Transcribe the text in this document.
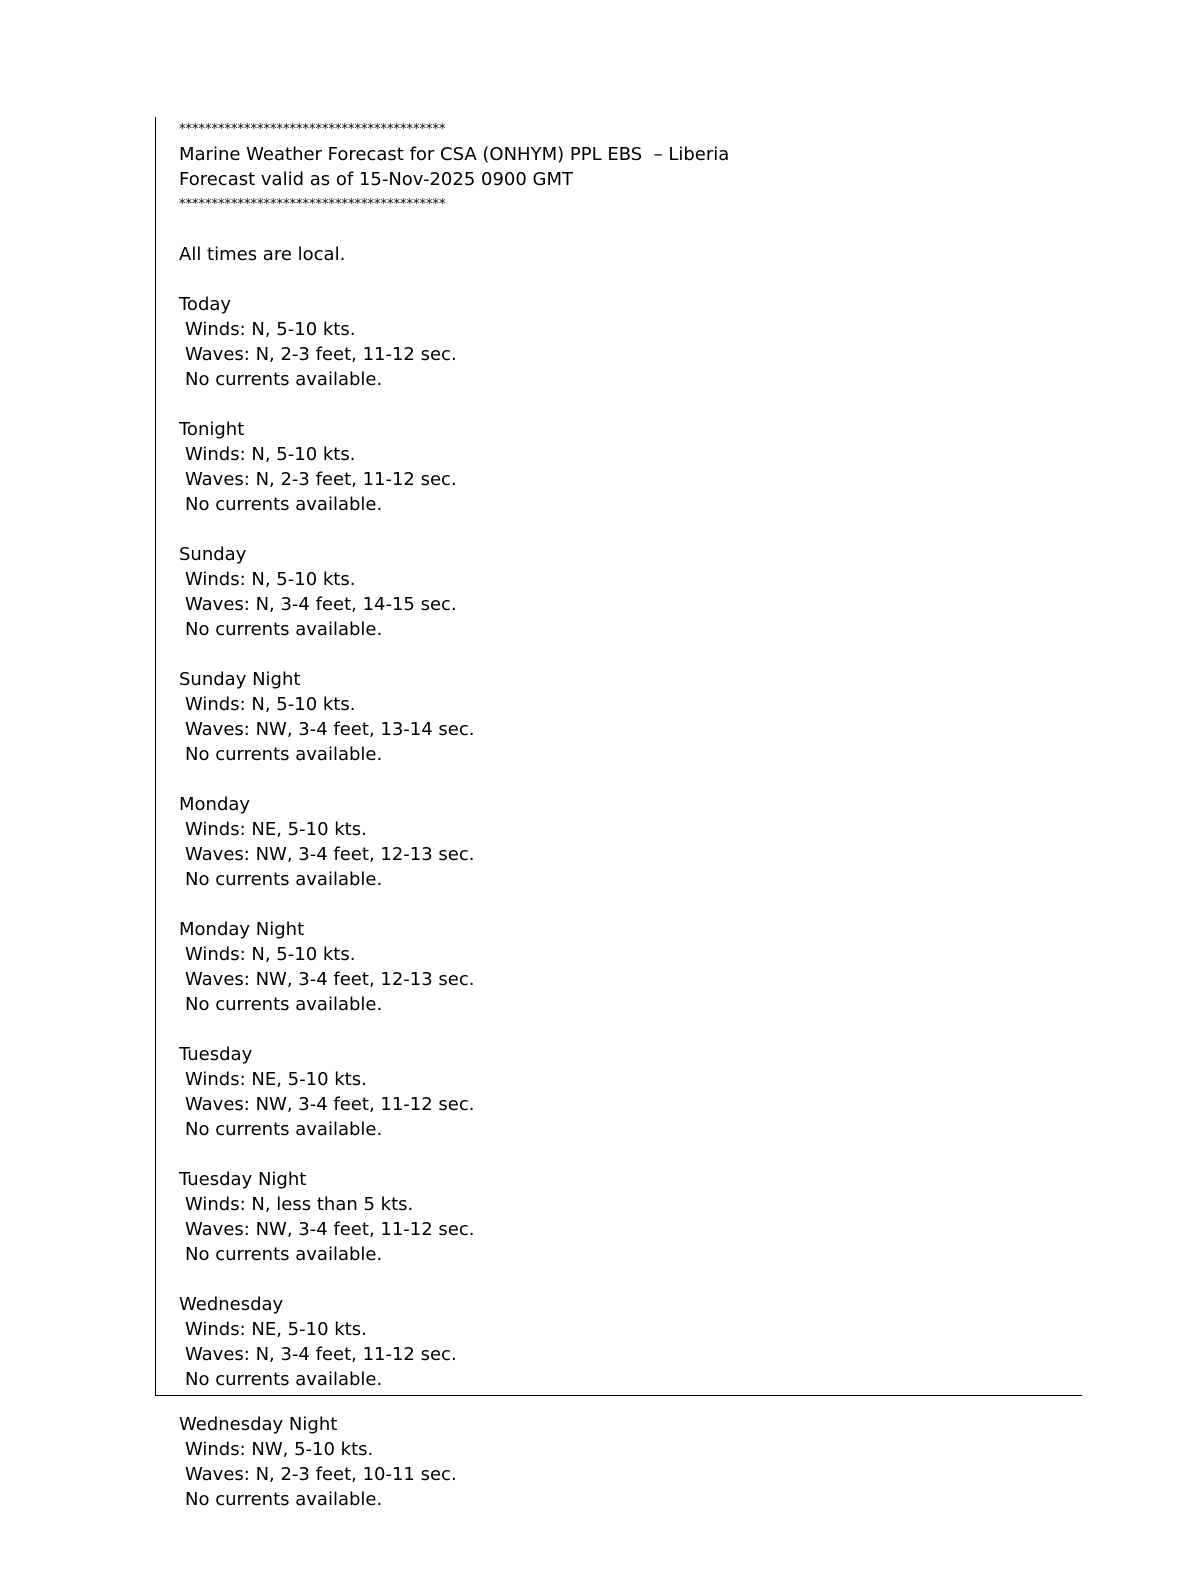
*****************************************
Marine Weather Forecast for CSA (ONHYM) PPL EBS  – Liberia
Forecast valid as of 15-Nov-2025 0900 GMT
*****************************************
All times are local.
Today
Winds: N, 5-10 kts.
Waves: N, 2-3 feet, 11-12 sec.
No currents available.
Tonight
Winds: N, 5-10 kts.
Waves: N, 2-3 feet, 11-12 sec.
No currents available.
Sunday
Winds: N, 5-10 kts.
Waves: N, 3-4 feet, 14-15 sec.
No currents available.
Sunday Night
Winds: N, 5-10 kts.
Waves: NW, 3-4 feet, 13-14 sec.
No currents available.
Monday
Winds: NE, 5-10 kts.
Waves: NW, 3-4 feet, 12-13 sec.
No currents available.
Monday Night
Winds: N, 5-10 kts.
Waves: NW, 3-4 feet, 12-13 sec.
No currents available.
Tuesday
Winds: NE, 5-10 kts.
Waves: NW, 3-4 feet, 11-12 sec.
No currents available.
Tuesday Night
Winds: N, less than 5 kts.
Waves: NW, 3-4 feet, 11-12 sec.
No currents available.
Wednesday
Winds: NE, 5-10 kts.
Waves: N, 3-4 feet, 11-12 sec.
No currents available.
Wednesday Night
Winds: NW, 5-10 kts.
Waves: N, 2-3 feet, 10-11 sec.
No currents available.
